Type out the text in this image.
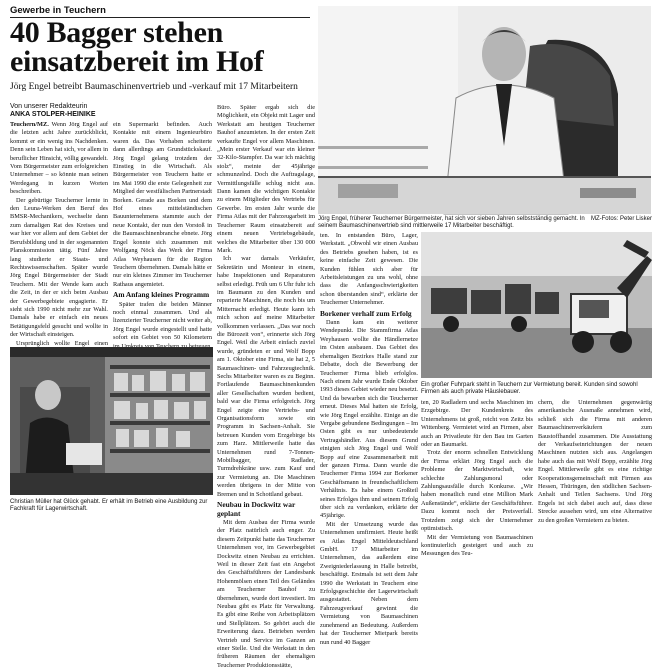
Gewerbe in Teuchern
40 Bagger stehen
einsatzbereit im Hof
Jörg Engel betreibt Baumaschinenvertrieb und -verkauf mit 17 Mitarbeitern
Von unserer Redakteurin
ANKA STOLPER-HEINIKE

Teuchern/MZ. Wenn Jörg Engel auf die letzten acht Jahre zurückblickt, kommt er ein wenig ins Nachdenken. Denn sein Leben hat sich, vor allem in beruflicher Hinsicht, völlig gewandelt. Vom Bürgermeister zum erfolgreichen Unternehmer – so könnte man seinen Werdegang in kurzen Worten beschreiben.

Der gebürtige Teucherner lernte in den Leuna-Werken den Beruf des BMSR-Mechanikers, wechselte dann zum damaligen Rat des Kreises und war hier vor allem auf dem Gebiet der Berufsbildung und in der sogenannten Planskommission tätig. Fünf Jahre lang studierte er Staats- und Rechtswissenschaften. Später wurde Jörg Engel Bürgermeister der Stadt Teuchern. Mit der Wende kam auch die Zeit, in der er sich beim Ausbau der Gewerbegebiete engagierte. Er sieht sich 1990 nicht mehr zur Wahl. Damals habe er einfach ein neues Betätigungsfeld gesucht und wollte in der Wirtschaft einsteigen.

Ursprünglich wollte Engel einen

ein Supermarkt befinden. Auch Kontakte mit einem Ingenieurbüro waren da. Das Vorhaben scheiterte dann allerdings am Grundstückskauf. Jörg Engel gelang trotzdem der Einstieg in die Wirtschaft. Als Bürgermeister von Teuchern hatte er im Mai 1990 die erste Gelegenheit zur Mitglied der westfälischen Partnerstadt Borken. Gerade aus Borken und dem Hof eines mittelständischen Bauunternehmens stammte auch der neue Kontakt, der nun den Vorstoß in die Baumaschinenbranche ebnete. Jörg Engel konnte sich zusammen mit Wolfgang Nöck das Werk der Firma Atlas Weyhausen für die Region Teuchern übernehmen. Damals hätte er nur ein kleines Zimmer im Teucherner Rathaus angemietet.

Am Anfang kleines Programm

Später trafen die beiden Männer noch einmal zusammen. Und als lizenzierter Teucherner nicht weiter ab, Jörg Engel wurde eingestellt und hatte sofort ein Gebiet von 50 Kilometern

Büro. Später ergab sich die Möglichkeit, ein Objekt mit Lager und Werkstatt am heutigen Teucherner Bauhof anzumieten. In der ersten Zeit verkaufte Engel vor allem Maschinen. „Mein erster Verkauf war ein kleiner 32-Kilo-Stampfer. Da war ich mächtig stolz“, meinte der 45jährige schmunzelnd. Doch die Auftragslage, Vermittlungsfälle schlug nicht aus. Dann kamen die wichtigen Kontakte zu einem Mitglieder des Vertriebs für Gewerbe. Im ersten Jahr wurde die Firma Atlas mit der Fahrzeugarbeit im Teucherner Raum einsatzbereit auf einem neuen Vertriebsgebäude, welches die Mitarbeiter über 130 000 Mark.

Ich war damals Verkäufer, Sekretärin und Monteur in einem, habe Inspektionen und Reparaturen selbst erledigt. Früh um 6 Uhr fuhr ich im Baumann zu den Kunden und reparierte Maschinen, die noch bis um Mitternacht erledigt. Heute kann ich mich schon auf meine Mitarbeiter vollkommen verlassen. „Das war noch die Bürozeit von“, erinnerte sich Jörg Engel. Weil die Arbeit einfach zuviel wurde, gründeten er und Wolf Bopp am 1. Oktober eine Firma, sie hat 2, 5 Baumaschinen- und Fahrzeugtechnik. Sechs Mitarbeiter waren es zu Beginn. Fortlaufende Baumaschinenkunden aller Gesellschaften wurden bedient, bald war die Firma erfolgreich. Jörg Engel zeigte eine Vertriebs- und Organisationsform sowie ein Programm in Sachsen-Anhalt. Sie betreuen Kunden vom Erzgebirge bis zum Harz. Mittlerweile hatte das Unternehmen rund 7-Tonnen-Mobilbagger, Radlader, Turmdrehkräne usw. zum Kauf und zur Vermietung an. Die Maschinen werden übrigens in der Mitte von Bremen und in Schottland gebaut.

Neubau in Dockwitz war geplant

Mit dem Ausbau der Firma wurde der Platz natürlich auch enger. Zu diesem Zeitpunkt hatte das Teucherner Unternehmen vor, im Gewerbegebiet Dockwitz einen Neubau zu errichten. Weil in dieser Zeit fast ein Angebot des Geschäftsführers der Landesbank Hohenmölsen einen Teil des Geländes am Teucherner Bauhof zu übernehmen, wurde dort investiert. Im Neubau gibt es Platz für Verwaltung. Es gibt eine Reihe von Arbeitsplätzen und Stellplätzen. So gehört auch die Erweiterung dazu. Betrieben werden Vertrieb und Service im Ganzen an einer Stelle. Und die Werkstatt in den früheren Räumen der ehemaligen Teucherner Produktionsstätte,

Christian Müller hat Glück gehabt. Er erhält im Betrieb eine Ausbildung zur Fachkraft für Lagerwirtschaft.
Jörg Engel, früherer Teucherner Bürgermeister, hat sich vor sieben Jahren selbstständig gemacht. In seinem Baumaschinenvertrieb sind mittlerweile 17 Mitarbeiter beschäftigt.
MZ-Fotos: Peter Lisker

ten. In entstanden Büro, Lager, Werkstatt. „Obwohl wir einen Ausbau des Betriebs gesehen haben, ist es keine einfache Zeit gewesen. Die Kunden fühlen sich aber für Arbeitsleistungen zu uns wohl, ohne dass die Anfangsschwierigkeiten schon überstanden sind“, erklärte der Teucherner Unternehmer.

Borkener verhalf zum Erfolg

Dann kam ein weiterer Wendepunkt. Die Stammfirma Atlas Weyhausen wollte die Händlernetze im Osten ausbauen. Das Gebiet des ehemaligen Bezirkes Halle stand zur Debatte, doch die Bewerbung der Teucherner Firma blieb erfolglos. Nach einem Jahr wurde Ende Oktober 1993 dieses Gebiet wieder neu besetzt. Und da bewarben sich die Teucherner erneut. Dieses Mal hatten sie Erfolg, wie Jörg Engel erzählte. Einige an die Vergabe gebundene Bedingungen – Im Osten gibt es nur unbedeutende Vertragshändler. Aus diesem Grund einigten sich Jörg Engel und Wolf Bopp auf eine Zusammenarbeit mit der ganzen Firma. Dann wurde die Teucherner Firma 1994 zur Borkener Geschäftsmann in freundschaftlichem Verhältnis. Es habe einem Großteil seines Erfolges ihm und seinem Erfolg über sich zu verdanken, erklärte der 45jährige.

Mit der Umsetzung wurde das Unternehmen umfirmiert. Heute heißt es Atlas Engel Mitteldeutschland GmbH. 17 Mitarbeiter im Unternehmen, das außerdem eine Zweigniederlassung in Halle betreibt, beschäftigt. Erstmals ist seit dem Jahr 1990 die Werkstatt in Teuchern eine Erfolgsgeschichte der Lagerwirtschaft ausgestattet. Neben dem Fahrzeugverkauf gewinnt die Vermietung von Baumaschinen zunehmend an Bedeutung. Außerdem hat der Teucherner Mietpark bereits nun rund 40 Bagger

Ein großer Fuhrpark steht in Teuchern zur Vermietung bereit. Kunden sind sowohl Firmen als auch private Häuslebauer.

ten, 20 Radladern und sechs Maschinen im Erzgebirge. Der Kundenkreis des Unternehmens ist groß, reicht von Zeitz bis Wittenberg. Vermietet wird an Firmen, aber auch an Privatleute für den Bau im Garten oder an Baumarkt.

Trotz der enorm schnellen Entwicklung der Firma erklärt Jörg Engel auch die Probleme der Marktwirtschaft, wie schlechte Zahlungsmoral oder Zahlungsausfälle durch Konkurse. „Wir haben monatlich rund eine Million Mark Außenstände“, erklärte der Geschäftsführer. Dazu kommt noch der Preisverfall. Trotzdem zeigt sich der Unternehmer optimistisch.

Mit der Vermietung von Baumaschinen kontinuierlich gesteigert und auch zu Messungen des Teu-

chern, die Unternehmen gegenwärtig amerikanische Ausmaße annehmen wird, schließ sich die Firma mit anderen Baumaschinenverkäufern zum Baustoffhandel zusammen. Die Ausstattung der Verkaufseinrichtungen der neuen Maschinen nutzten sich aus. Angelangen habe auch das mit Wolf Bopp, erzählte Jörg Engel. Mittlerweile gibt es eine richtige Kooperationsgemeinschaft mit Firmen aus Hessen, Thüringen, den südlichen Sachsen-Anhalt und Teilen Sachsens. Und Jörg Engels ist sich dabei auch auf, dass diese Strecke aussehen wird, um eine Alternative zu den großen Vermietern zu bieten.
